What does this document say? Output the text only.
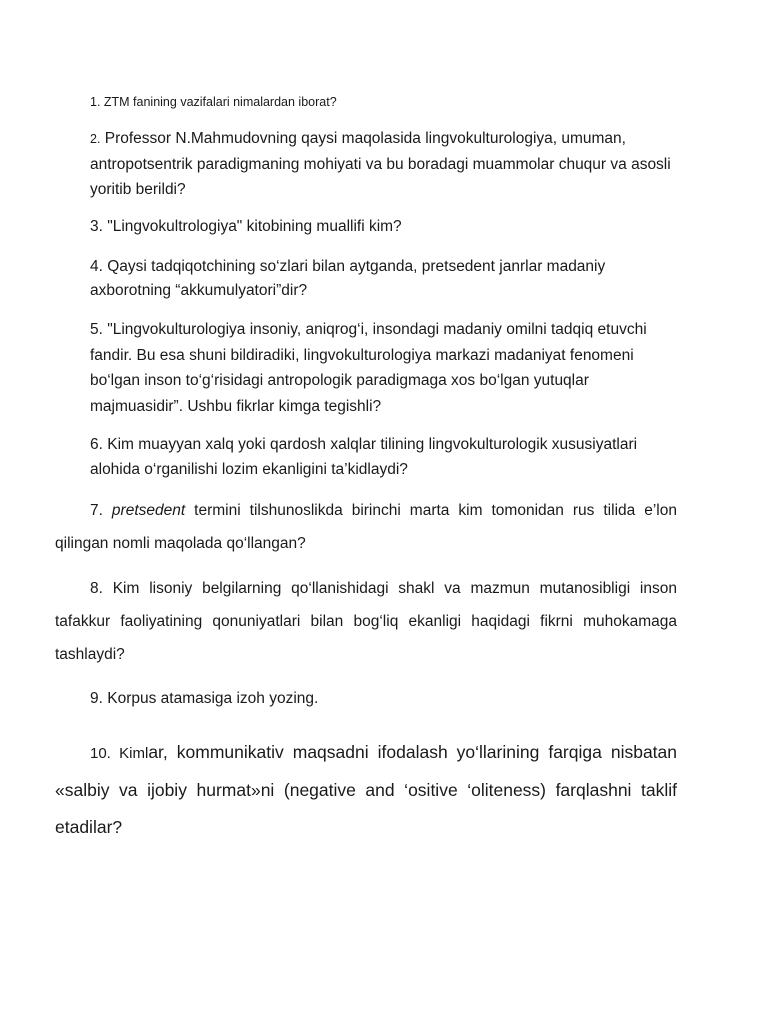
1. ZTM fanining vazifalari nimalardan iborat?

2. Professor N.Mahmudovning qaysi maqolasida lingvokulturologiya, umuman, antropotsentrik paradigmaning mohiyati va bu boradagi muammolar chuqur va asosli yoritib berildi?

3. "Lingvokultrologiya" kitobining muallifi kim?

4. Qaysi tadqiqotchining so‘zlari bilan aytganda, pretsedent janrlar madaniy axborotning “akkumulyatori”dir?

5. "Lingvokulturologiya insoniy, aniqrog‘i, insondagi madaniy omilni tadqiq etuvchi fandir. Bu esa shuni bildiradiki, lingvokulturologiya markazi madaniyat fenomeni bo‘lgan inson to‘g‘risidagi antropologik paradigmaga xos bo‘lgan yutuqlar majmuasidir”. Ushbu fikrlar kimga tegishli?

6. Kim muayyan xalq yoki qardosh xalqlar tilining lingvokulturologik xususiyatlari alohida o‘rganilishi lozim ekanligini ta’kidlaydi?

7. pretsedent termini tilshunoslikda birinchi marta kim tomonidan rus tilida e’lon qilingan nomli maqolada qo‘llangan?

8. Kim lisoniy belgilarning qo‘llanishidagi shakl va mazmun mutanosibligi inson tafakkur faoliyatining qonuniyatlari bilan bog‘liq ekanligi haqidagi fikrni muhokamaga tashlaydi?

9. Korpus atamasiga izoh yozing.

10. Kimlar, kommunikativ maqsadni ifodalash yo‘llarining farqiga nisbatan «salbiy va ijobiy hurmat»ni (negative and ‘ositive ‘oliteness) farqlashni taklif etadilar?
